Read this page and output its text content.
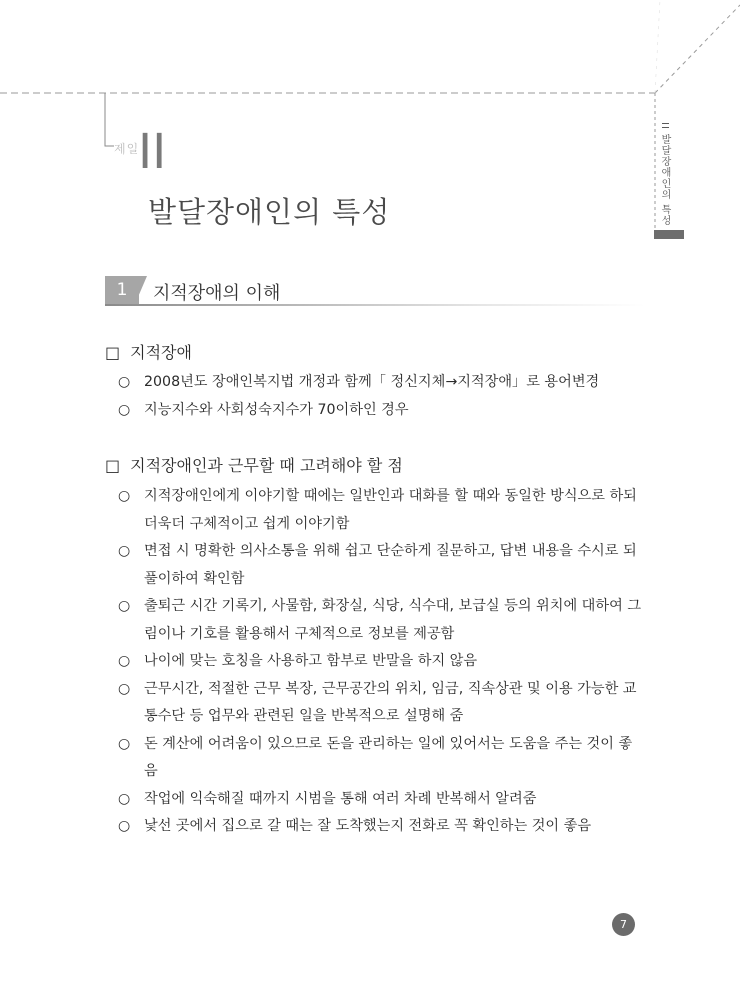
제일
II
발달장애인의 특성	II 발달장애인의 특성
1	지적장애의 이해
□ 지적장애
○ 2008년도 장애인복지법 개정과 함께「 정신지체→지적장애」로 용어변경
○ 지능지수와 사회성숙지수가 70이하인 경우
□ 지적장애인과 근무할 때 고려해야 할 점
○ 지적장애인에게 이야기할 때에는 일반인과 대화를 할 때와 동일한 방식으로 하되 더욱더 구체적이고 쉽게 이야기함
○ 면접 시 명확한 의사소통을 위해 쉽고 단순하게 질문하고, 답변 내용을 수시로 되풀이하여 확인함
○ 출퇴근 시간 기록기, 사물함, 화장실, 식당, 식수대, 보급실 등의 위치에 대하여 그림이나 기호를 활용해서 구체적으로 정보를 제공함
○ 나이에 맞는 호칭을 사용하고 함부로 반말을 하지 않음
○ 근무시간, 적절한 근무 복장, 근무공간의 위치, 임금, 직속상관 및 이용 가능한 교통수단 등 업무와 관련된 일을 반복적으로 설명해 줌
○ 돈 계산에 어려움이 있으므로 돈을 관리하는 일에 있어서는 도움을 주는 것이 좋음
○ 작업에 익숙해질 때까지 시범을 통해 여러 차례 반복해서 알려줌
○ 낯선 곳에서 집으로 갈 때는 잘 도착했는지 전화로 꼭 확인하는 것이 좋음
7
